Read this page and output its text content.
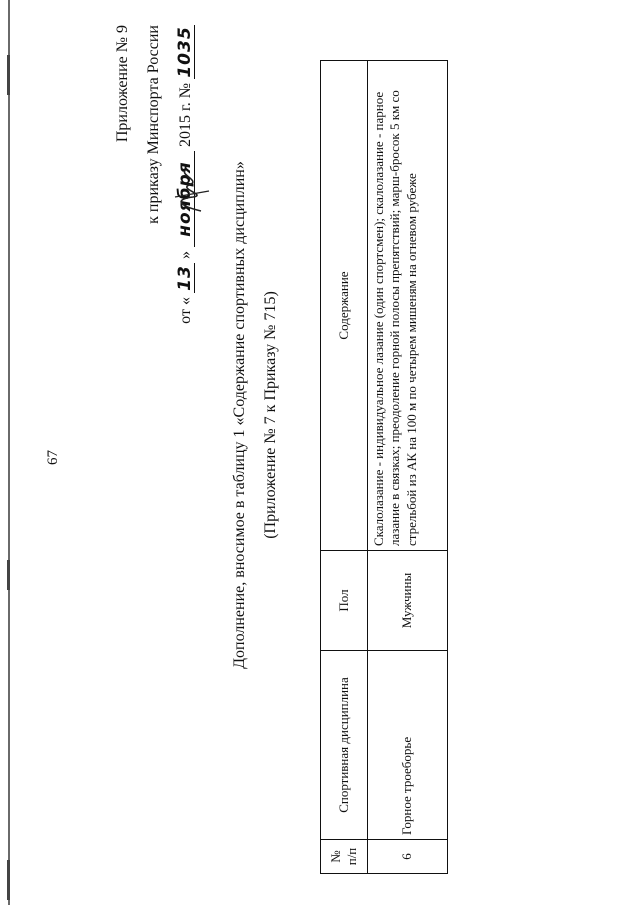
67
Приложение № 9 к приказу Минспорта России
от « 13 » ноября 2015 г. № 1035
Дополнение, вносимое в таблицу 1 «Содержание спортивных дисциплин» (Приложение № 7 к Приказу № 715)
№ п/п	Спортивная дисциплина	Пол	Содержание
6	Горное троеборье	Мужчины	Скалолазание - индивидуальное лазание (один спортсмен); скалолазание - парное лазание в связках; преодоление горной полосы препятствий; марш-бросок 5 км со стрельбой из АК на 100 м по четырем мишеням на огневом рубеже
